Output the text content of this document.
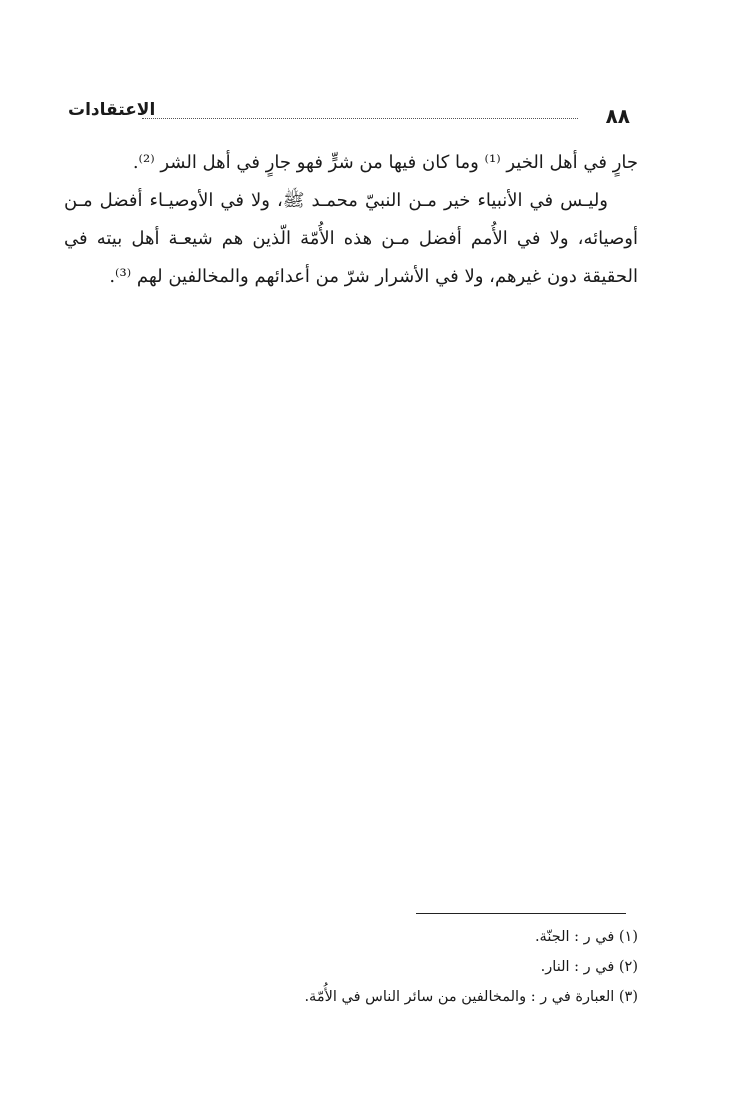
٨٨
الاعتقادات

جارٍ في أهل الخير ⁽¹⁾ وما كان فيها من شرٍّ فهو جارٍ في أهل الشر ⁽²⁾.

وليـس في الأنبياء خير مـن النبيّ محمـد ﷺ، ولا في الأوصيـاء أفضل مـن أوصيائه، ولا في الأُمم أفضل مـن هذه الأُمّة الّذين هم شيعـة أهل بيته في الحقيقة دون غيرهم، ولا في الأشرار شرّ من أعدائهم والمخالفين لهم ⁽³⁾.

(١) في ر : الجنّة.
(٢) في ر : النار.
(٣) العبارة في ر : والمخالفين من سائر الناس في الأُمّة.
